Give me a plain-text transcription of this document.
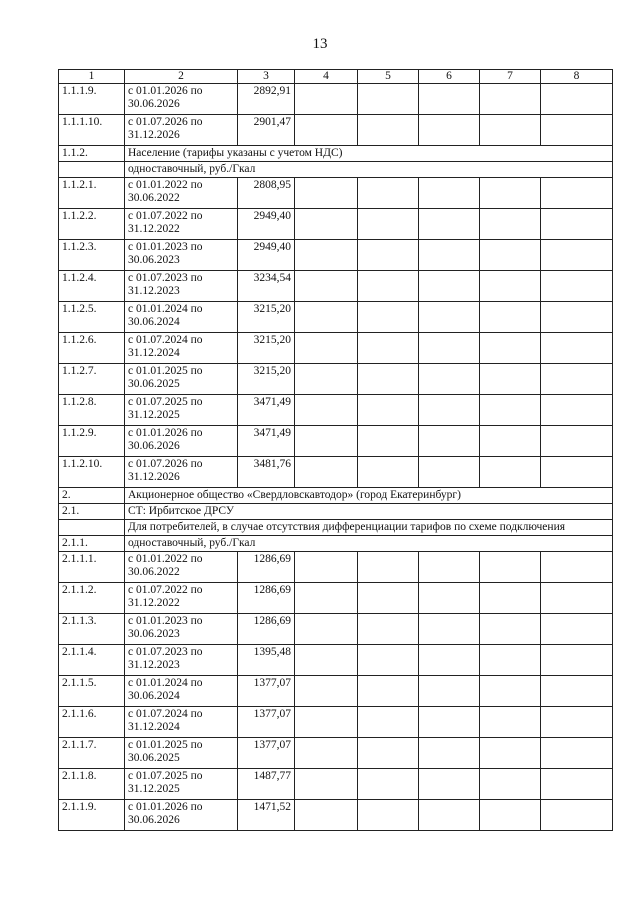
13
1	2	3	4	5	6	7	8
1.1.1.9.	с 01.01.2026 по 30.06.2026	2892,91					
1.1.1.10.	с 01.07.2026 по 31.12.2026	2901,47					
1.1.2.	Население (тарифы указаны с учетом НДС)						
	одноставочный, руб./Гкал						
1.1.2.1.	с 01.01.2022 по 30.06.2022	2808,95					
1.1.2.2.	с 01.07.2022 по 31.12.2022	2949,40					
1.1.2.3.	с 01.01.2023 по 30.06.2023	2949,40					
1.1.2.4.	с 01.07.2023 по 31.12.2023	3234,54					
1.1.2.5.	с 01.01.2024 по 30.06.2024	3215,20					
1.1.2.6.	с 01.07.2024 по 31.12.2024	3215,20					
1.1.2.7.	с 01.01.2025 по 30.06.2025	3215,20					
1.1.2.8.	с 01.07.2025 по 31.12.2025	3471,49					
1.1.2.9.	с 01.01.2026 по 30.06.2026	3471,49					
1.1.2.10.	с 01.07.2026 по 31.12.2026	3481,76					
2.	Акционерное общество «Свердловскавтодор» (город Екатеринбург)						
2.1.	СТ: Ирбитское ДРСУ						
	Для потребителей, в случае отсутствия дифференциации тарифов по схеме подключения						
2.1.1.	одноставочный, руб./Гкал						
2.1.1.1.	с 01.01.2022 по 30.06.2022	1286,69					
2.1.1.2.	с 01.07.2022 по 31.12.2022	1286,69					
2.1.1.3.	с 01.01.2023 по 30.06.2023	1286,69					
2.1.1.4.	с 01.07.2023 по 31.12.2023	1395,48					
2.1.1.5.	с 01.01.2024 по 30.06.2024	1377,07					
2.1.1.6.	с 01.07.2024 по 31.12.2024	1377,07					
2.1.1.7.	с 01.01.2025 по 30.06.2025	1377,07					
2.1.1.8.	с 01.07.2025 по 31.12.2025	1487,77					
2.1.1.9.	с 01.01.2026 по 30.06.2026	1471,52					
